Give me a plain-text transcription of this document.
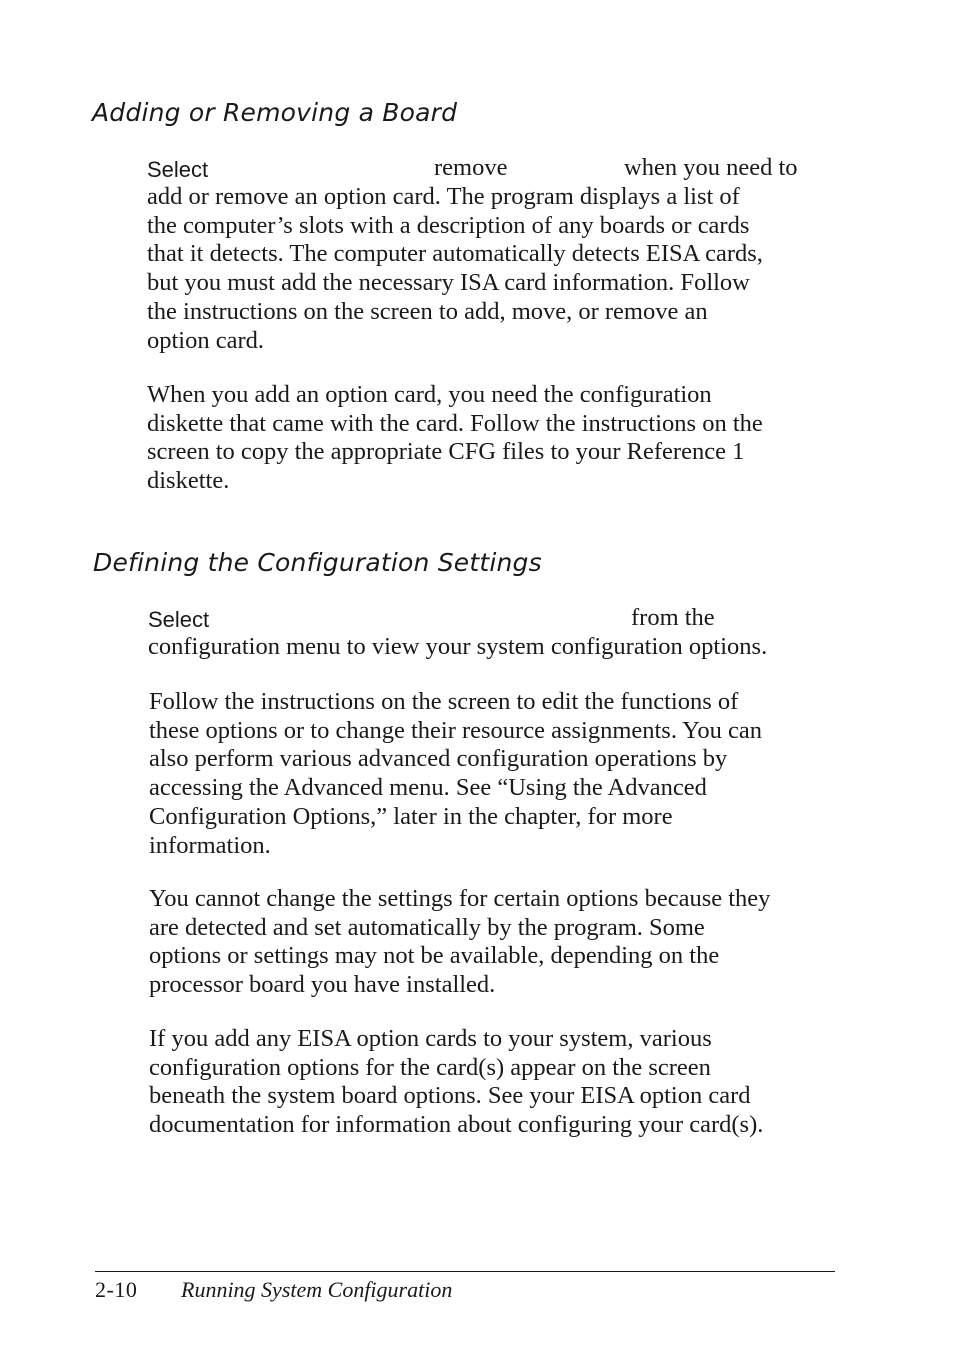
Adding or Removing a Board
Select	remove	when you need to
add or remove an option card. The program displays a list of
the computer’s slots with a description of any boards or cards
that it detects. The computer automatically detects EISA cards,
but you must add the necessary ISA card information. Follow
the instructions on the screen to add, move, or remove an
option card.
When you add an option card, you need the configuration
diskette that came with the card. Follow the instructions on the
screen to copy the appropriate CFG files to your Reference 1
diskette.
Defining the Configuration Settings
Select	from the
configuration menu to view your system configuration options.
Follow the instructions on the screen to edit the functions of
these options or to change their resource assignments. You can
also perform various advanced configuration operations by
accessing the Advanced menu. See “Using the Advanced
Configuration Options,” later in the chapter, for more
information.
You cannot change the settings for certain options because they
are detected and set automatically by the program. Some
options or settings may not be available, depending on the
processor board you have installed.
If you add any EISA option cards to your system, various
configuration options for the card(s) appear on the screen
beneath the system board options. See your EISA option card
documentation for information about configuring your card(s).
2-10 Running System Configuration
